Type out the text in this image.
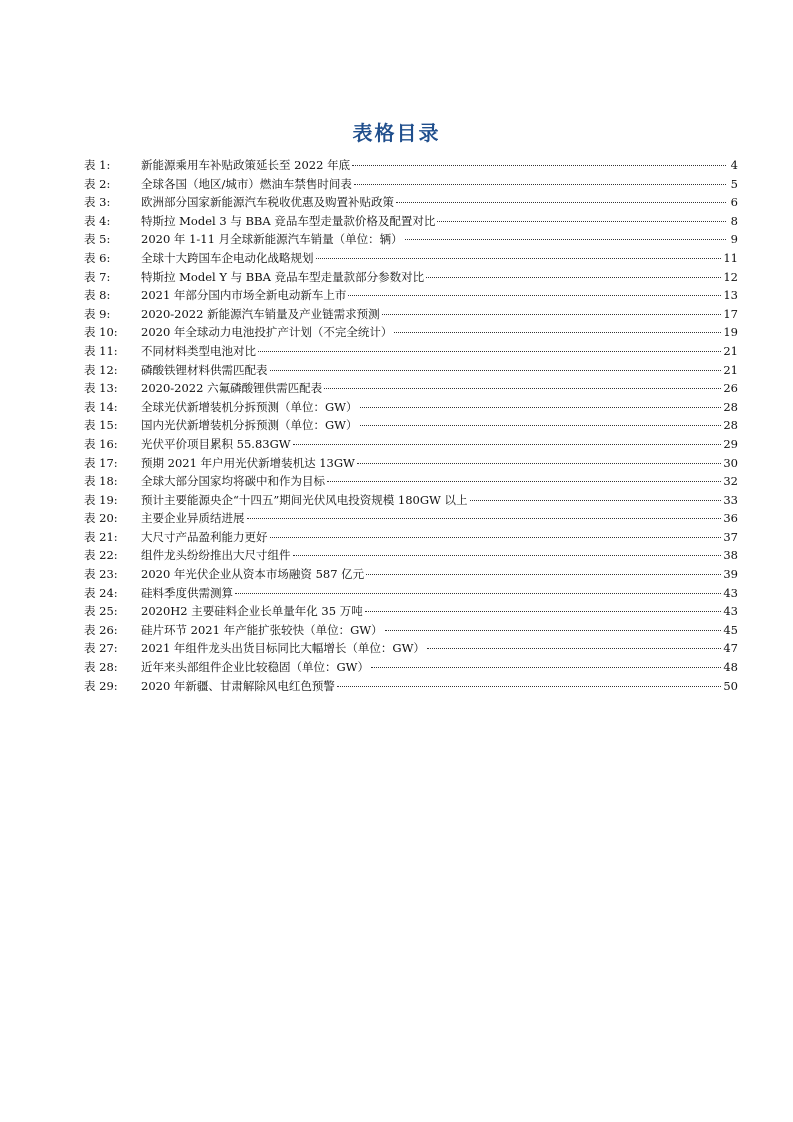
表格目录
表 1:	新能源乘用车补贴政策延长至 2022 年底	4
表 2:	全球各国（地区/城市）燃油车禁售时间表	5
表 3:	欧洲部分国家新能源汽车税收优惠及购置补贴政策	6
表 4:	特斯拉 Model 3 与 BBA 竞品车型走量款价格及配置对比	8
表 5:	2020 年 1-11 月全球新能源汽车销量（单位：辆）	9
表 6:	全球十大跨国车企电动化战略规划	11
表 7:	特斯拉 Model Y 与 BBA 竞品车型走量款部分参数对比	12
表 8:	2021 年部分国内市场全新电动新车上市	13
表 9:	2020-2022 新能源汽车销量及产业链需求预测	17
表 10:	2020 年全球动力电池投扩产计划（不完全统计）	19
表 11:	不同材料类型电池对比	21
表 12:	磷酸铁锂材料供需匹配表	21
表 13:	2020-2022 六氟磷酸锂供需匹配表	26
表 14:	全球光伏新增装机分拆预测（单位：GW）	28
表 15:	国内光伏新增装机分拆预测（单位：GW）	28
表 16:	光伏平价项目累积 55.83GW	29
表 17:	预期 2021 年户用光伏新增装机达 13GW	30
表 18:	全球大部分国家均将碳中和作为目标	32
表 19:	预计主要能源央企“十四五”期间光伏风电投资规模 180GW 以上	33
表 20:	主要企业异质结进展	36
表 21:	大尺寸产品盈利能力更好	37
表 22:	组件龙头纷纷推出大尺寸组件	38
表 23:	2020 年光伏企业从资本市场融资 587 亿元	39
表 24:	硅料季度供需测算	43
表 25:	2020H2 主要硅料企业长单量年化 35 万吨	43
表 26:	硅片环节 2021 年产能扩张较快（单位：GW）	45
表 27:	2021 年组件龙头出货目标同比大幅增长（单位：GW）	47
表 28:	近年来头部组件企业比较稳固（单位：GW）	48
表 29:	2020 年新疆、甘肃解除风电红色预警	50
